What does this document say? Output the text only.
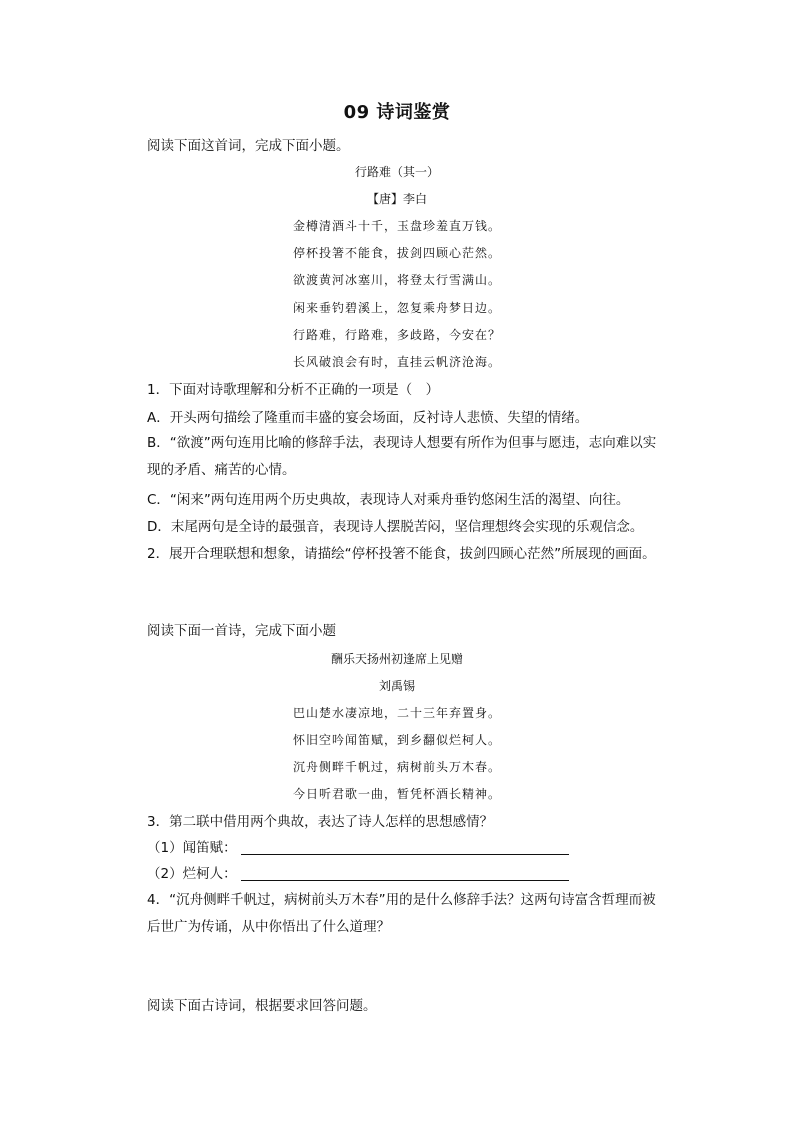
09 诗词鉴赏
阅读下面这首词，完成下面小题。
行路难（其一）
【唐】李白
金樽清酒斗十千，玉盘珍羞直万钱。
停杯投箸不能食，拔剑四顾心茫然。
欲渡黄河冰塞川，将登太行雪满山。
闲来垂钓碧溪上，忽复乘舟梦日边。
行路难，行路难，多歧路，今安在？
长风破浪会有时，直挂云帆济沧海。
1．下面对诗歌理解和分析不正确的一项是（　）
A．开头两句描绘了隆重而丰盛的宴会场面，反衬诗人悲愤、失望的情绪。
B．“欲渡”两句连用比喻的修辞手法，表现诗人想要有所作为但事与愿违，志向难以实现的矛盾、痛苦的心情。
C．“闲来”两句连用两个历史典故，表现诗人对乘舟垂钓悠闲生活的渴望、向往。
D．末尾两句是全诗的最强音，表现诗人摆脱苦闷，坚信理想终会实现的乐观信念。
2．展开合理联想和想象，请描绘“停杯投箸不能食，拔剑四顾心茫然”所展现的画面。
阅读下面一首诗，完成下面小题
酬乐天扬州初逢席上见赠
刘禹锡
巴山楚水凄凉地，二十三年弃置身。
怀旧空吟闻笛赋，到乡翻似烂柯人。
沉舟侧畔千帆过，病树前头万木春。
今日听君歌一曲，暂凭杯酒长精神。
3．第二联中借用两个典故，表达了诗人怎样的思想感情？
（1）闻笛赋：
（2）烂柯人：
4．“沉舟侧畔千帆过，病树前头万木春”用的是什么修辞手法？这两句诗富含哲理而被后世广为传诵，从中你悟出了什么道理？
阅读下面古诗词，根据要求回答问题。
